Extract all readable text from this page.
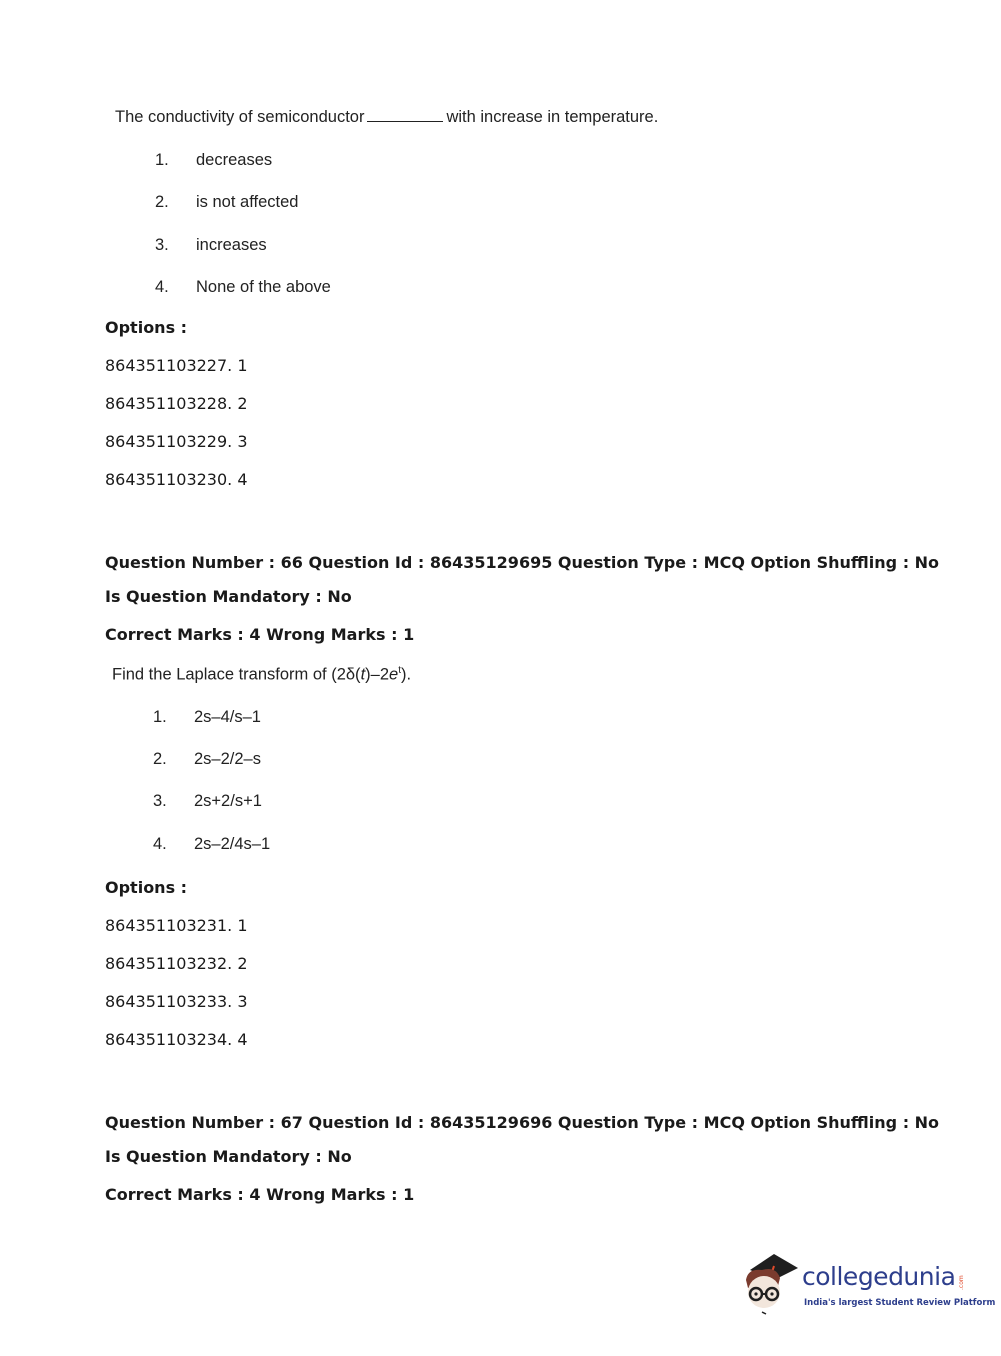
The conductivity of semiconductor	with increase in temperature.
1. decreases
2. is not affected
3. increases
4. None of the above
Options :
864351103227. 1
864351103228. 2
864351103229. 3
864351103230. 4
Question Number : 66 Question Id : 86435129695 Question Type : MCQ Option Shuffling : No
Is Question Mandatory : No
Correct Marks : 4 Wrong Marks : 1
Find the Laplace transform of $(2\delta(t)-2e^t)$.
1. 2s–4/s–1
2. 2s–2/2–s
3. 2s+2/s+1
4. 2s–2/4s–1
Options :
864351103231. 1
864351103232. 2
864351103233. 3
864351103234. 4
Question Number : 67 Question Id : 86435129696 Question Type : MCQ Option Shuffling : No
Is Question Mandatory : No
Correct Marks : 4 Wrong Marks : 1
collegedunia .com
India's largest Student Review Platform
